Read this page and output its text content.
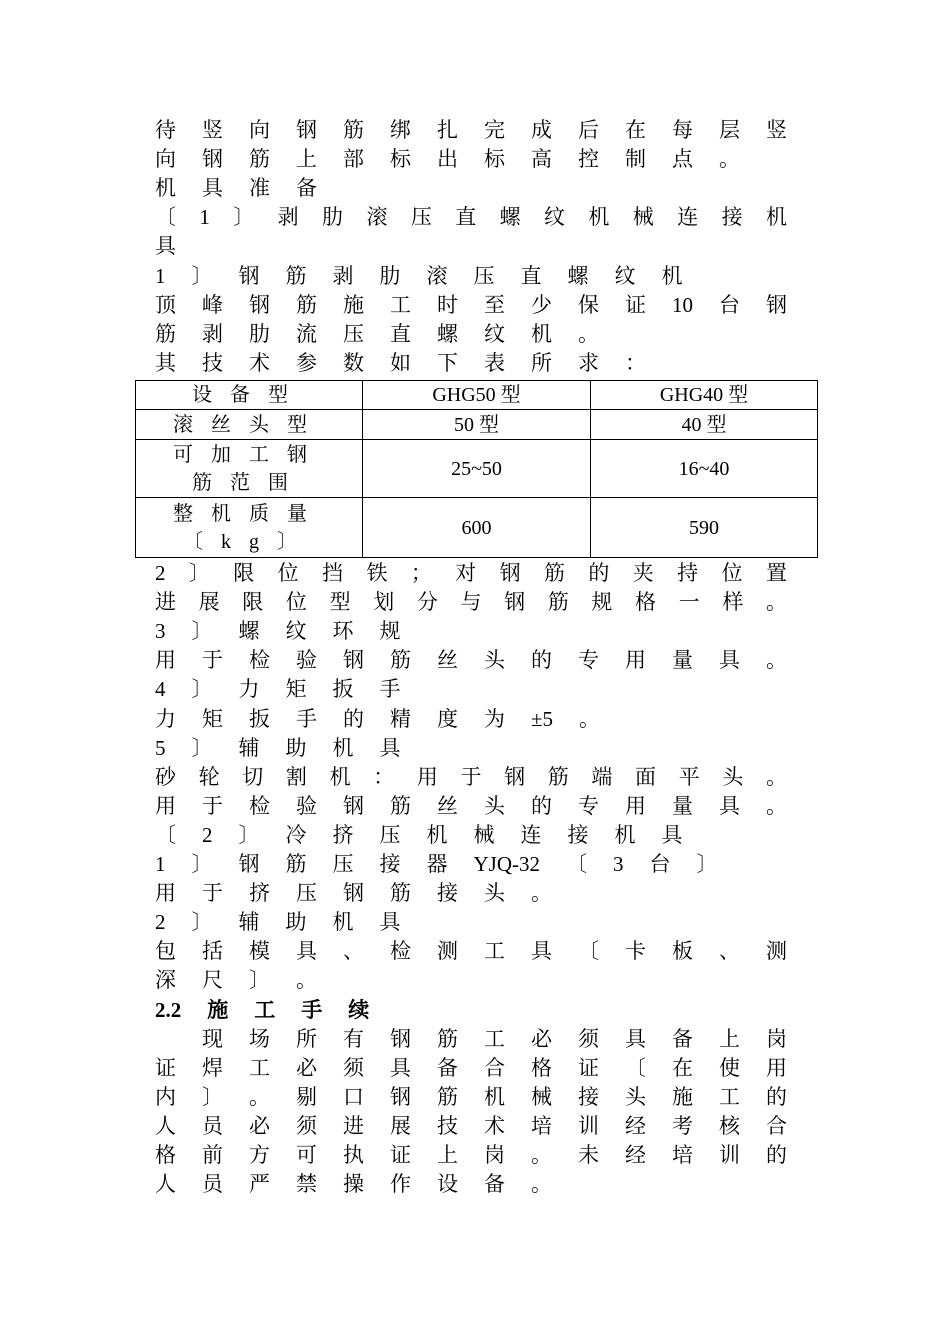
待 竖 向 钢 筋 绑 扎 完 成 后 在 每 层 竖
向 钢 筋 上 部 标 出 标 高 控 制 点 。
机 具 准 备
〔 1 〕 剥 肋 滚 压 直 螺 纹 机 械 连 接 机
具
1 〕 钢 筋 剥 肋 滚 压 直 螺 纹 机
顶 峰 钢 筋 施 工 时 至 少 保 证 10 台 钢
筋 剥 肋 流 压 直 螺 纹 机 。
其 技 术 参 数 如 下 表 所 求 ：
2 〕 限 位 挡 铁 ； 对 钢 筋 的 夹 持 位 置
进 展 限 位 型 划 分 与 钢 筋 规 格 一 样 。
3 〕 螺 纹 环 规
用 于 检 验 钢 筋 丝 头 的 专 用 量 具 。
4 〕 力 矩 扳 手
力 矩 扳 手 的 精 度 为 ±5 。
5 〕 辅 助 机 具
砂 轮 切 割 机 ： 用 于 钢 筋 端 面 平 头 。
用 于 检 验 钢 筋 丝 头 的 专 用 量 具 。
〔 2 〕 冷 挤 压 机 械 连 接 机 具
1 〕 钢 筋 压 接 器 YJQ-32 〔 3 台 〕
用 于 挤 压 钢 筋 接 头 。
2 〕 辅 助 机 具
包 括 模 具 、 检 测 工 具 〔 卡 板 、 测
深 尺 〕 。
2.2 施 工 手 续

现 场 所 有 钢 筋 工 必 须 具 备 上 岗
证 焊 工 必 须 具 备 合 格 证 〔 在 使 用
内 〕 。 剔 口 钢 筋 机 械 接 头 施 工 的
人 员 必 须 进 展 技 术 培 训 经 考 核 合
格 前 方 可 执 证 上 岗 。 未 经 培 训 的
人 员 严 禁 操 作 设 备 。
设备型	GHG50 型	GHG40 型
滚丝头型	50 型	40 型
可加工钢
筋范围	25~50	16~40
整机质量
〔kg〕	600	590
